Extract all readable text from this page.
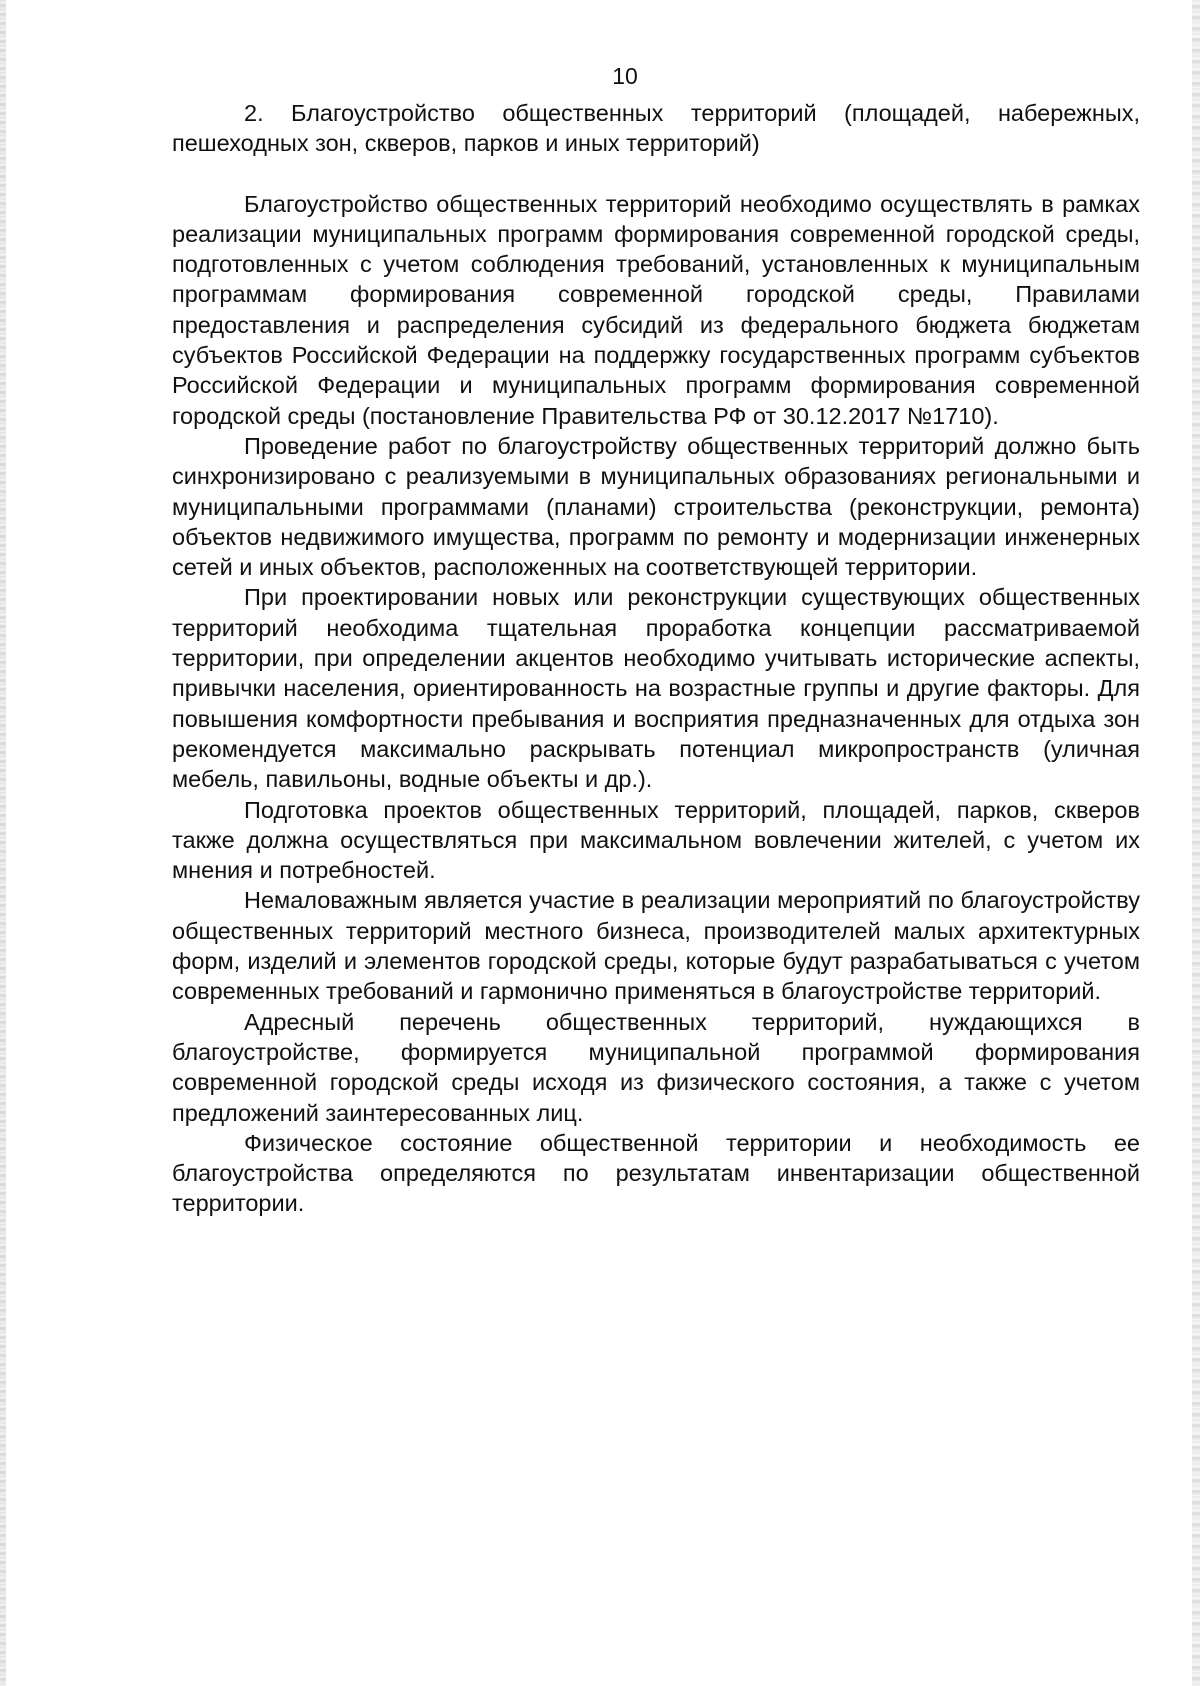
10

2. Благоустройство общественных территорий (площадей, набережных, пешеходных зон, скверов, парков и иных территорий)

Благоустройство общественных территорий необходимо осуществлять в рамках реализации муниципальных программ формирования современной городской среды, подготовленных с учетом соблюдения требований, установленных к муниципальным программам формирования современной городской среды, Правилами предоставления и распределения субсидий из федерального бюджета бюджетам субъектов Российской Федерации на поддержку государственных программ субъектов Российской Федерации и муниципальных программ формирования современной городской среды (постановление Правительства РФ от 30.12.2017 №1710).

Проведение работ по благоустройству общественных территорий должно быть синхронизировано с реализуемыми в муниципальных образованиях региональными и муниципальными программами (планами) строительства (реконструкции, ремонта) объектов недвижимого имущества, программ по ремонту и модернизации инженерных сетей и иных объектов, расположенных на соответствующей территории.

При проектировании новых или реконструкции существующих общественных территорий необходима тщательная проработка концепции рассматриваемой территории, при определении акцентов необходимо учитывать исторические аспекты, привычки населения, ориентированность на возрастные группы и другие факторы. Для повышения комфортности пребывания и восприятия предназначенных для отдыха зон рекомендуется максимально раскрывать потенциал микропространств (уличная мебель, павильоны, водные объекты и др.).

Подготовка проектов общественных территорий, площадей, парков, скверов также должна осуществляться при максимальном вовлечении жителей, с учетом их мнения и потребностей.

Немаловажным является участие в реализации мероприятий по благоустройству общественных территорий местного бизнеса, производителей малых архитектурных форм, изделий и элементов городской среды, которые будут разрабатываться с учетом современных требований и гармонично применяться в благоустройстве территорий.

Адресный перечень общественных территорий, нуждающихся в благоустройстве, формируется муниципальной программой формирования современной городской среды исходя из физического состояния, а также с учетом предложений заинтересованных лиц.

Физическое состояние общественной территории и необходимость ее благоустройства определяются по результатам инвентаризации общественной территории.
